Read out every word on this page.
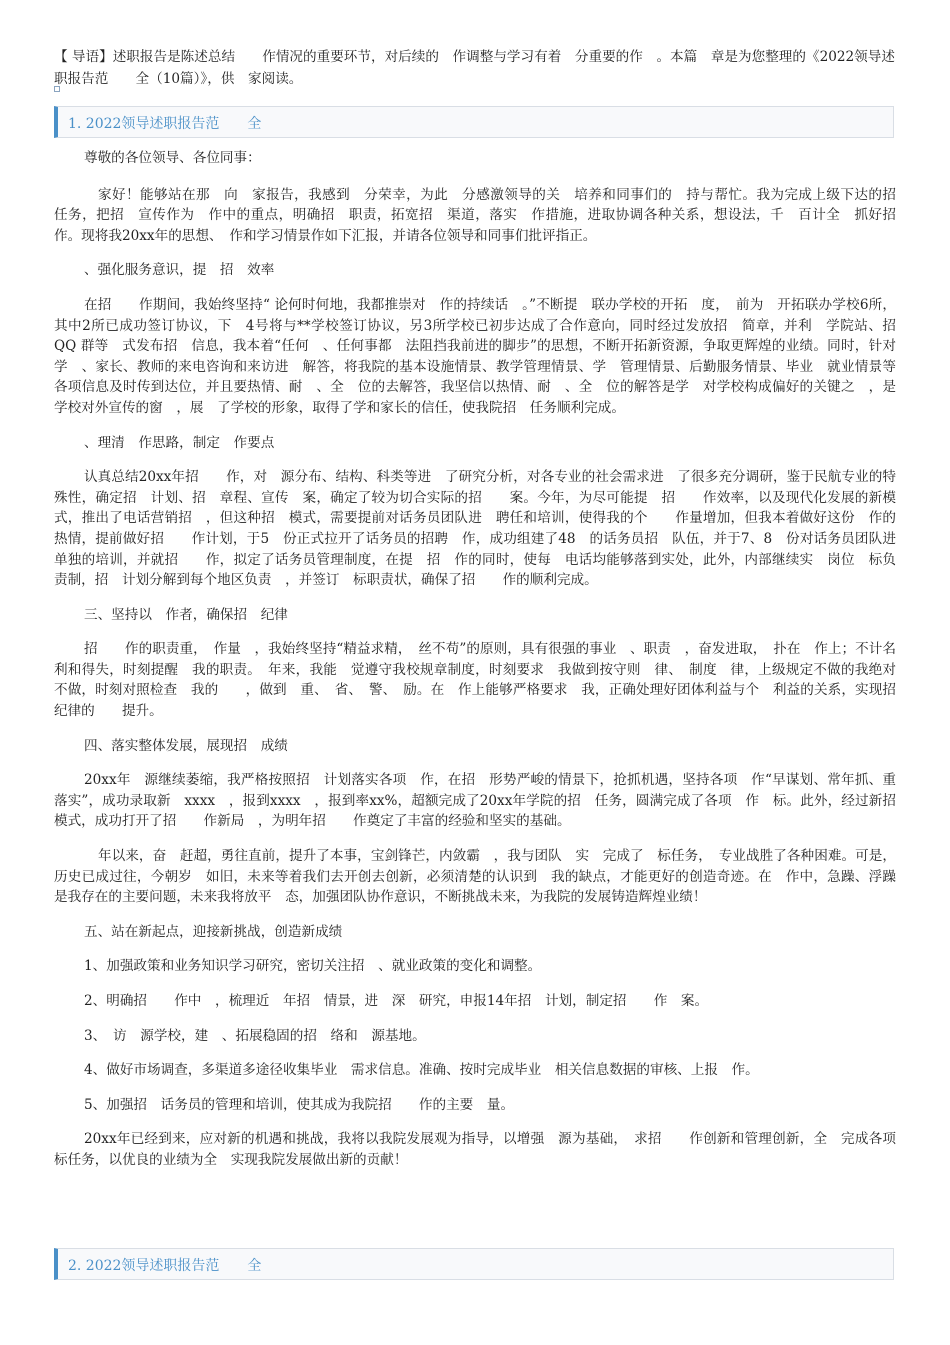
【 导语】述职报告是陈述总结　　作情况的重要环节，对后续的　作调整与学习有着　分重要的作　。本篇　章是为您整理的《2022领导述职报告范　　全（10篇）》，供　家阅读。
1. 2022领导述职报告范　　全

尊敬的各位领导、各位同事：

家好！能够站在那　向　家报告，我感到　分荣幸，为此　分感激领导的关　培养和同事们的　持与帮忙。我为完成上级下达的招　任务，把招　宣传作为　作中的重点，明确招　职责，拓宽招　渠道，落实　作措施，进取协调各种关系，想设法，千　百计全　抓好招　　作。现将我20xx年的思想、　作和学习情景作如下汇报，并请各位领导和同事们批评指正。

、强化服务意识，提　招　效率

在招　　作期间，我始终坚持“ 论何时何地，我都推崇对　作的持续话　。”不断提　联办学校的开拓　度，　前为　开拓联办学校6所，其中2所已成功签订协议，下　4号将与**学校签订协议，另3所学校已初步达成了合作意向，同时经过发放招　简章，并利　学院站、招　QQ 群等　式发布招　信息，我本着“任何　、任何事都　法阻挡我前进的脚步”的思想，不断开拓新资源，争取更辉煌的业绩。同时，针对学　、家长、教师的来电咨询和来访进　解答，将我院的基本设施情景、教学管理情景、学　管理情景、后勤服务情景、毕业　就业情景等各项信息及时传到达位，并且要热情、耐　、全　位的去解答，我坚信以热情、耐　、全　位的解答是学　对学校构成偏好的关键之　，是学校对外宣传的窗　，展　了学校的形象，取得了学和家长的信任，使我院招　任务顺利完成。

、理清　作思路，制定　作要点

认真总结20xx年招　　作，对　源分布、结构、科类等进　了研究分析，对各专业的社会需求进　了很多充分调研，鉴于民航专业的特殊性，确定招　计划、招　章程、宣传　案，确定了较为切合实际的招　　案。今年，为尽可能提　招　　作效率，以及现代化发展的新模式，推出了电话营销招　，但这种招　模式，需要提前对话务员团队进　聘任和培训，使得我的个　　作量增加，但我本着做好这份　作的热情，提前做好招　　作计划，于5　份正式拉开了话务员的招聘　作，成功组建了48　的话务员招　队伍，并于7、8　份对话务员团队进　单独的培训，并就招　　作，拟定了话务员管理制度，在提　招　作的同时，使每　电话均能够落到实处，此外，内部继续实　岗位　标负责制，招　计划分解到每个地区负责　，并签订　标职责状，确保了招　　作的顺利完成。

三、坚持以　作者，确保招　纪律

招　　作的职责重，　作量　，我始终坚持“精益求精，　丝不苟”的原则，具有很强的事业　、职责　，奋发进取，　扑在　作上；不计名利和得失，时刻提醒　我的职责。　年来，我能　觉遵守我校规章制度，时刻要求　我做到按守则　律、　制度　律，上级规定不做的我绝对不做，时刻对照检查　我的　　，做到　重、　省、　警、　励。在　作上能够严格要求　我，正确处理好团体利益与个　利益的关系，实现招　纪律的　　提升。

四、落实整体发展，展现招　成绩

20xx年　源继续萎缩，我严格按照招　计划落实各项　作，在招　形势严峻的情景下，抢抓机遇，坚持各项　作“早谋划、常年抓、重落实”，成功录取新　xxxx　，报到xxxx　，报到率xx%，超额完成了20xx年学院的招　任务，圆满完成了各项　作　标。此外，经过新招　模式，成功打开了招　　作新局　，为明年招　　作奠定了丰富的经验和坚实的基础。

年以来，奋　赶超，勇往直前，提升了本事，宝剑锋芒，内敛霸　，我与团队　实　完成了　标任务，　专业战胜了各种困难。可是，历史已成过往，今朝岁　如旧，未来等着我们去开创去创新，必须清楚的认识到　我的缺点，才能更好的创造奇迹。在　作中，急躁、浮躁是我存在的主要问题，未来我将放平　态，加强团队协作意识，不断挑战未来，为我院的发展铸造辉煌业绩！

五、站在新起点，迎接新挑战，创造新成绩

1、加强政策和业务知识学习研究，密切关注招　、就业政策的变化和调整。

2、明确招　　作中　，梳理近　年招　情景，进　深　研究，申报14年招　计划，制定招　　作　案。

3、　访　源学校，建　、拓展稳固的招　络和　源基地。

4、做好市场调查，多渠道多途径收集毕业　需求信息。准确、按时完成毕业　相关信息数据的审核、上报　作。

5、加强招　话务员的管理和培训，使其成为我院招　　作的主要　量。

20xx年已经到来，应对新的机遇和挑战，我将以我院发展观为指导，以增强　源为基础，　求招　　作创新和管理创新，全　完成各项　标任务，以优良的业绩为全　实现我院发展做出新的贡献！

2. 2022领导述职报告范　　全
